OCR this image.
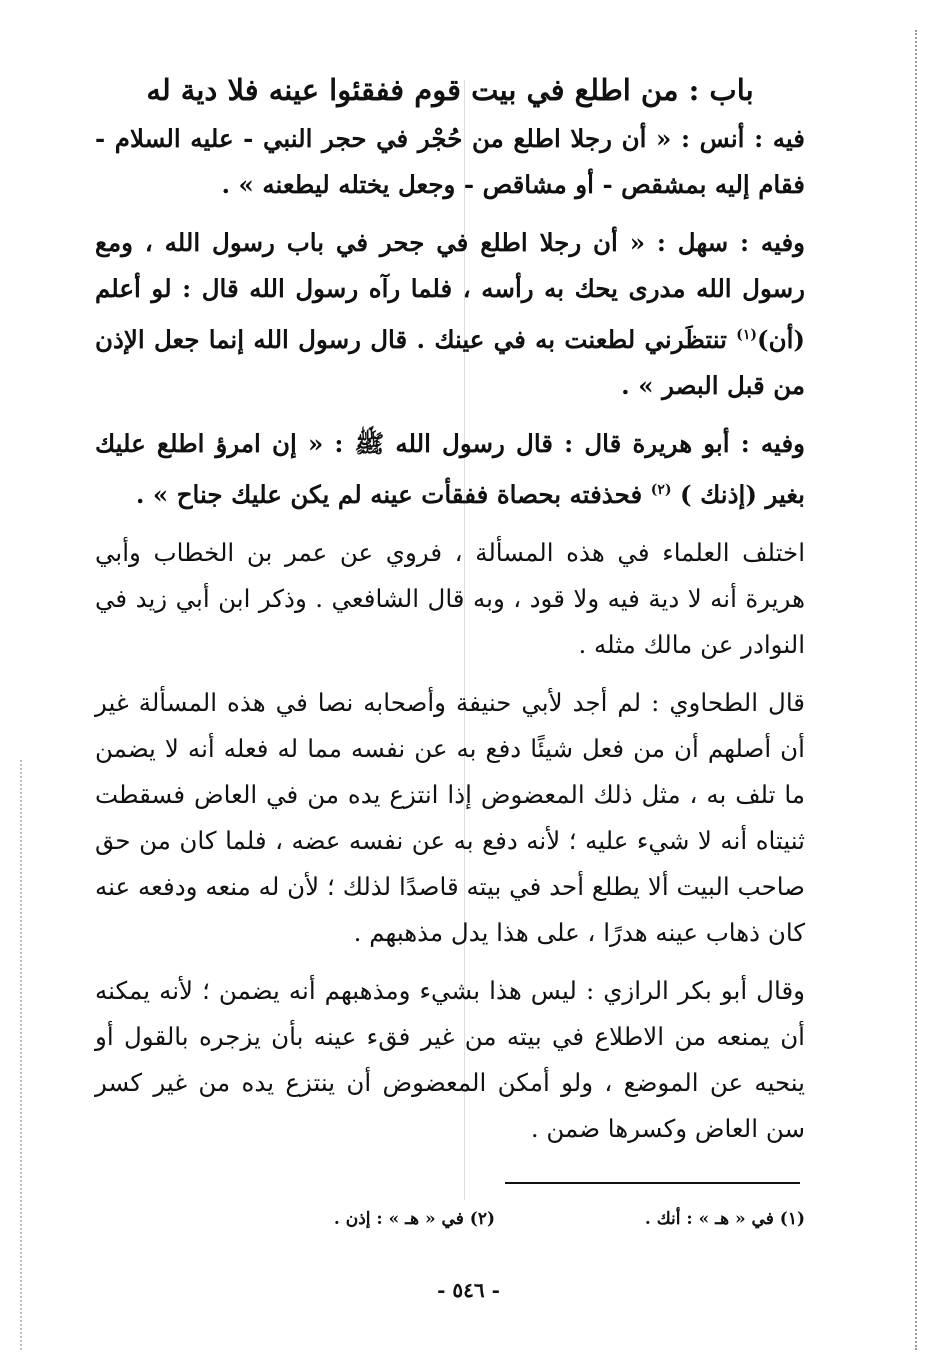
باب : من اطلع في بيت قوم ففقئوا عينه فلا دية له

فيه : أنس : « أن رجلا اطلع من حُجْر في حجر النبي - عليه السلام - فقام إليه بمشقص - أو مشاقص - وجعل يختله ليطعنه » .

وفيه : سهل : « أن رجلا اطلع في جحر في باب رسول الله ، ومع رسول الله مدرى يحك به رأسه ، فلما رآه رسول الله قال : لو أعلم (أن)$^{(١)}$ تنتظَرني لطعنت به في عينك . قال رسول الله إنما جعل الإذن من قبل البصر » .

وفيه : أبو هريرة قال : قال رسول الله ﷺ : « إن امرؤ اطلع عليك بغير (إذنك ) $^{(٢)}$ فحذفته بحصاة ففقأت عينه لم يكن عليك جناح » .

اختلف العلماء في هذه المسألة ، فروي عن عمر بن الخطاب وأبي هريرة أنه لا دية فيه ولا قود ، وبه قال الشافعي . وذكر ابن أبي زيد في النوادر عن مالك مثله .

قال الطحاوي : لم أجد لأبي حنيفة وأصحابه نصا في هذه المسألة غير أن أصلهم أن من فعل شيئًا دفع به عن نفسه مما له فعله أنه لا يضمن ما تلف به ، مثل ذلك المعضوض إذا انتزع يده من في العاض فسقطت ثنيتاه أنه لا شيء عليه ؛ لأنه دفع به عن نفسه عضه ، فلما كان من حق صاحب البيت ألا يطلع أحد في بيته قاصدًا لذلك ؛ لأن له منعه ودفعه عنه كان ذهاب عينه هدرًا ، على هذا يدل مذهبهم .

وقال أبو بكر الرازي : ليس هذا بشيء ومذهبهم أنه يضمن ؛ لأنه يمكنه أن يمنعه من الاطلاع في بيته من غير فقء عينه بأن يزجره بالقول أو ينحيه عن الموضع ، ولو أمكن المعضوض أن ينتزع يده من غير كسر سن العاض وكسرها ضمن .

(١) في « هـ » : أنك .
(٢) في « هـ » : إذن .
- ٥٤٦ -
